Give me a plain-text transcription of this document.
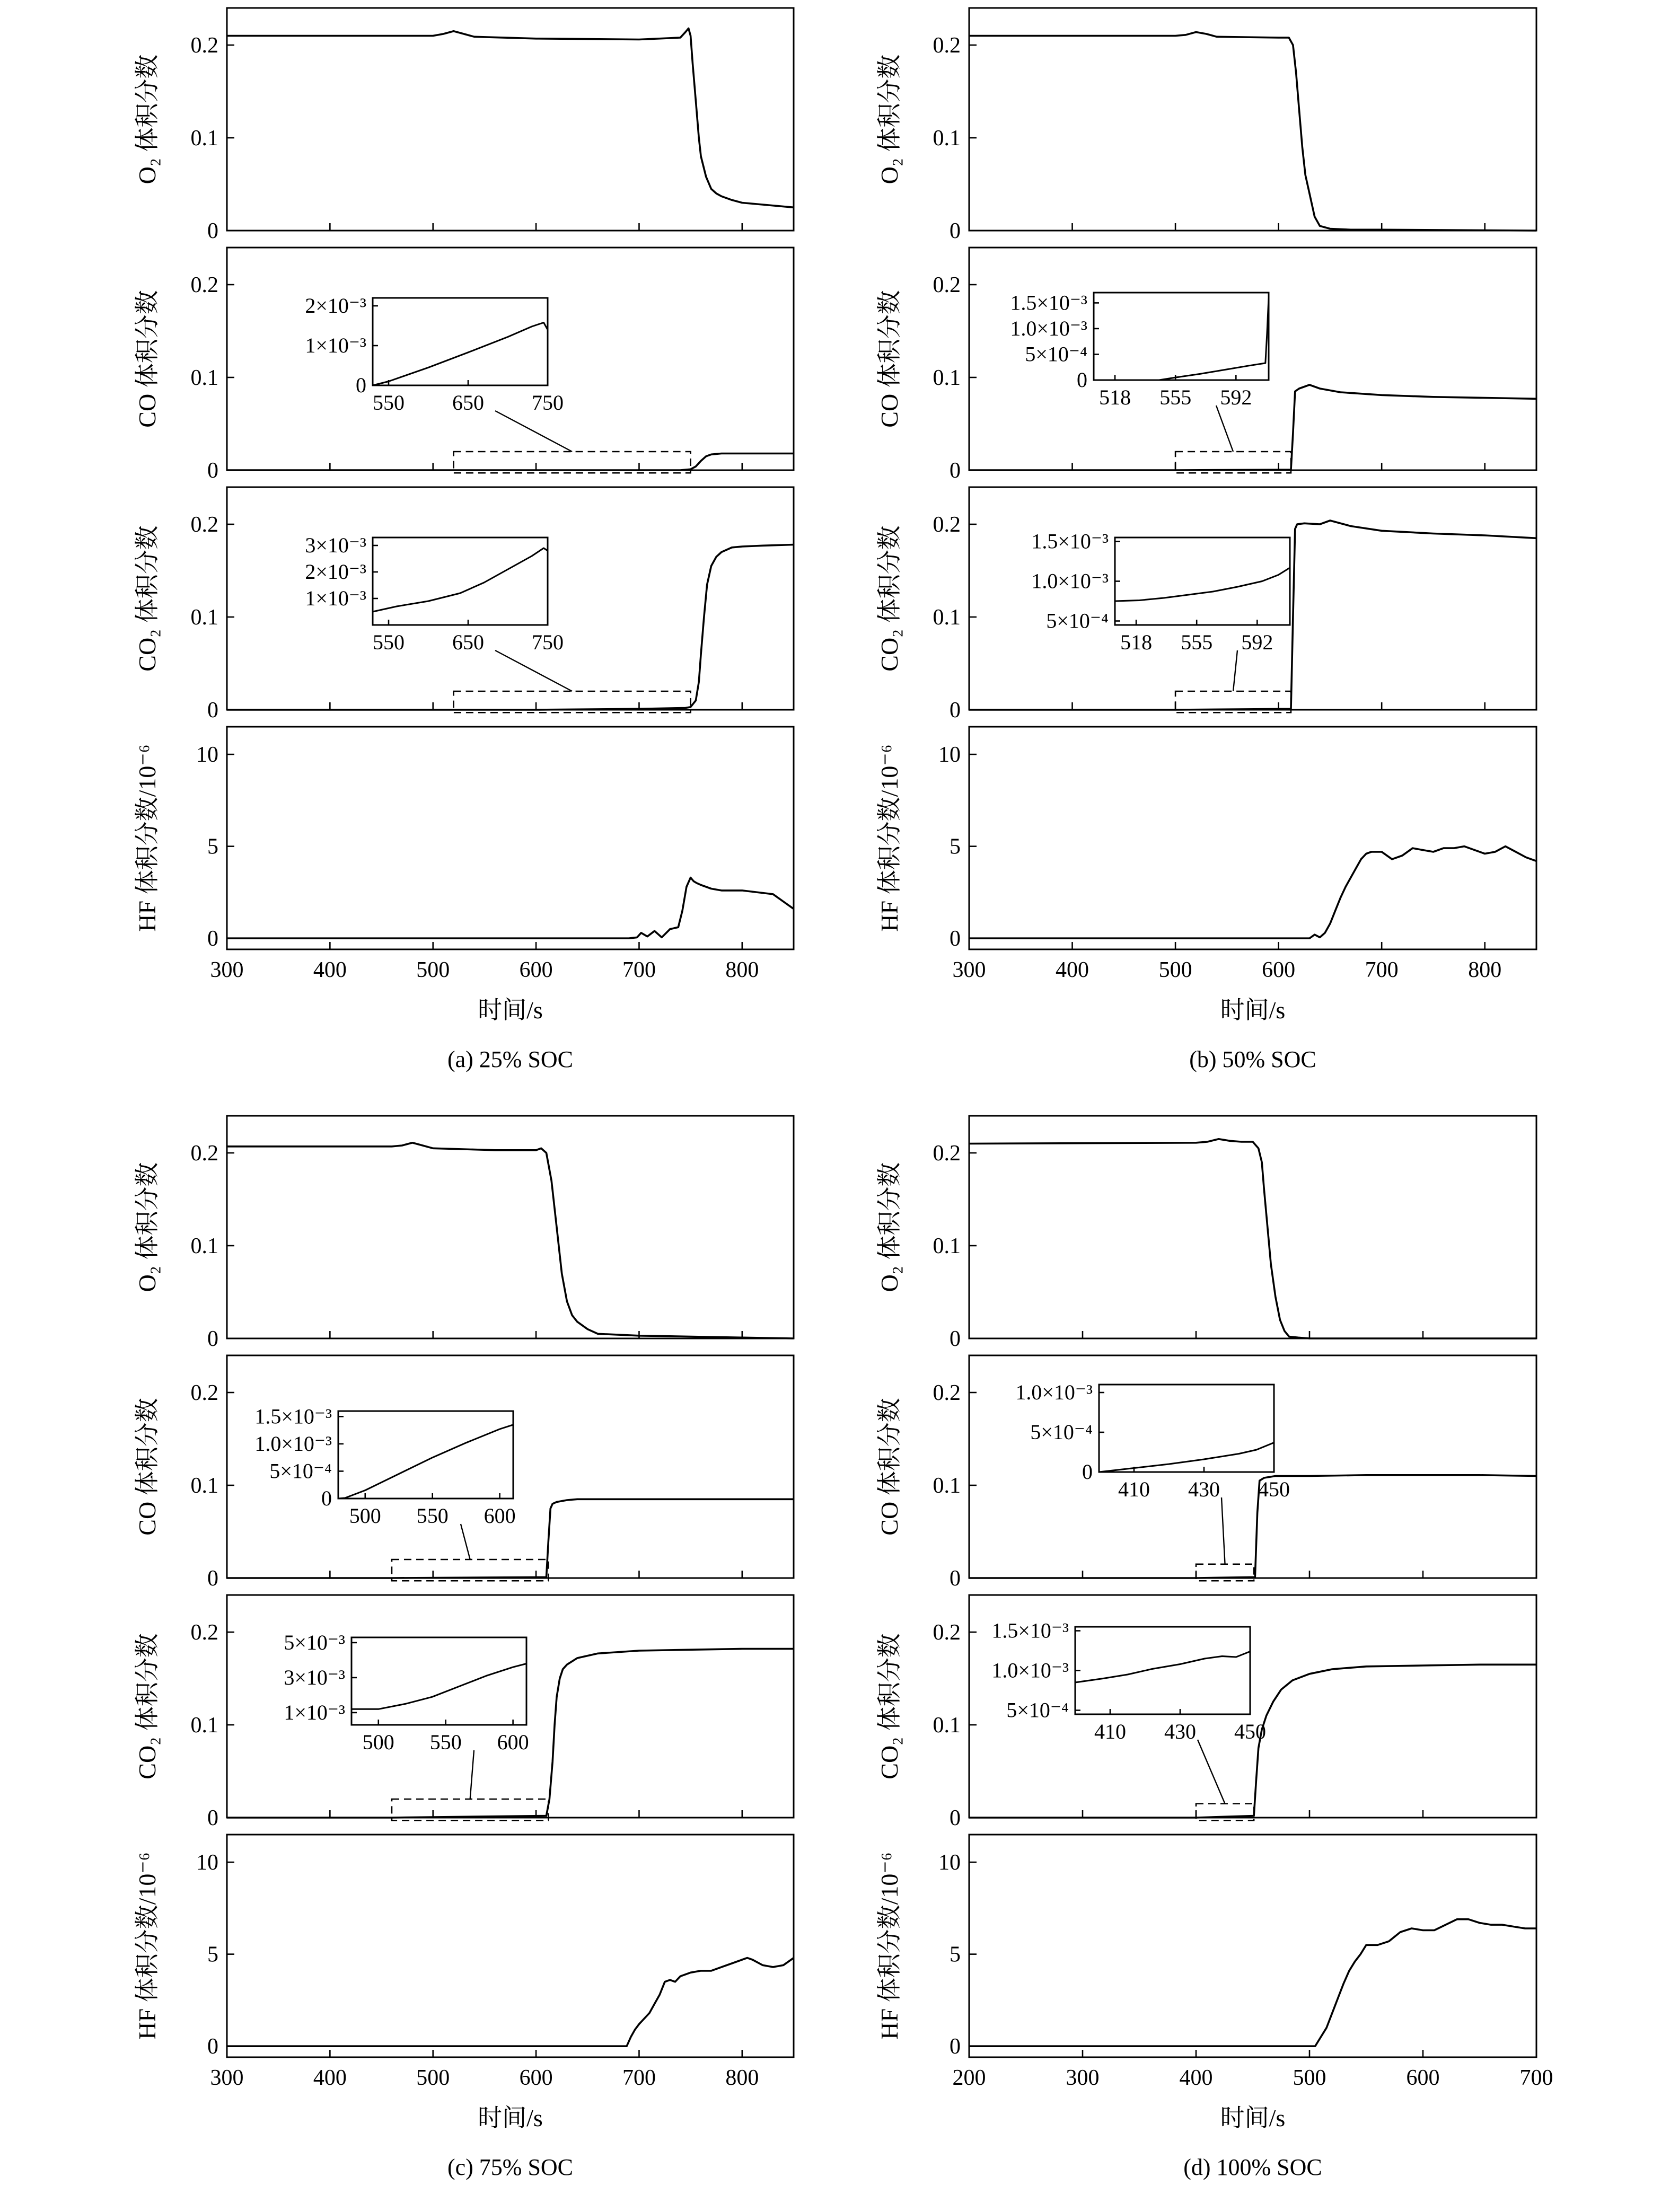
0
0.1
0.2
O₂ 体积分数
0
0.1
0.2
CO 体积分数	550 650 750
0
1×10⁻³
2×10⁻³
0
0.1
0.2
CO₂ 体积分数	550 650 750
1×10⁻³
2×10⁻³
3×10⁻³
0
5
10
300	400	500	600	700	800
HF 体积分数/10⁻⁶
时间/s
(a) 25% SOC
0
0.1
0.2
O₂ 体积分数
0
0.1
0.2
CO 体积分数	518 555 592
0
5×10⁻⁴
1.0×10⁻³
1.5×10⁻³
0
0.1
0.2
CO₂ 体积分数	518 555 592
5×10⁻⁴
1.0×10⁻³
1.5×10⁻³
0
5
10
300	400	500	600	700	800
HF 体积分数/10⁻⁶
时间/s
(b) 50% SOC
0
0.1
0.2
O₂ 体积分数
0
0.1
0.2
CO 体积分数	500 550 600
0
5×10⁻⁴
1.0×10⁻³
1.5×10⁻³
0
0.1
0.2
CO₂ 体积分数	500 550 600
1×10⁻³
3×10⁻³
5×10⁻³
0
5
10
300	400	500	600	700	800
HF 体积分数/10⁻⁶
时间/s
(c) 75% SOC
0
0.1
0.2
O₂ 体积分数
0
0.1
0.2
CO 体积分数	410 430 450
0
5×10⁻⁴
1.0×10⁻³
0
0.1
0.2
CO₂ 体积分数	410 430 450
5×10⁻⁴
1.0×10⁻³
1.5×10⁻³
0
5
10
200	300	400	500	600	700
HF 体积分数/10⁻⁶
时间/s
(d) 100% SOC
